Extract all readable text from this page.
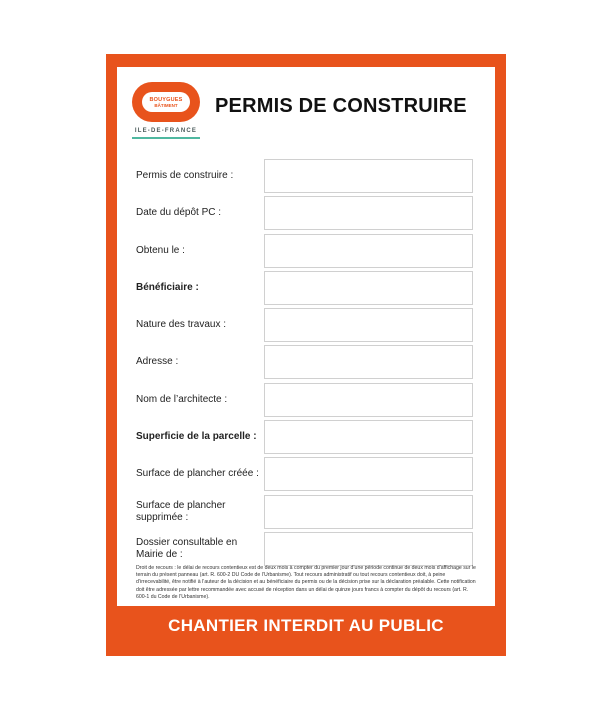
BOUYGUES
BÂTIMENT
ILE-DE-FRANCE
PERMIS DE CONSTRUIRE
Permis de construire :
Date du dépôt PC :
Obtenu le :
Bénéficiaire :
Nature des travaux :
Adresse :
Nom de l’architecte :
Superficie de la parcelle :
Surface de plancher créée :
Surface de plancher supprimée :
Dossier consultable en Mairie de :
Droit de recours : le délai de recours contentieux est de deux mois à compter du premier jour d’une période continue de deux mois d’affichage sur le terrain du présent panneau (art. R. 600-2 DU Code de l’Urbanisme). Tout recours administratif ou tout recours contentieux doit, à peine d’irrecevabilité, être notifié à l’auteur de la décision et au bénéficiaire du permis ou de la décision prise sur la déclaration préalable. Cette notification doit être adressée par lettre recommandée avec accusé de réception dans un délai de quinze jours francs à compter du dépôt du recours (art. R. 600-1 du Code de l’Urbanisme).
CHANTIER INTERDIT AU PUBLIC
